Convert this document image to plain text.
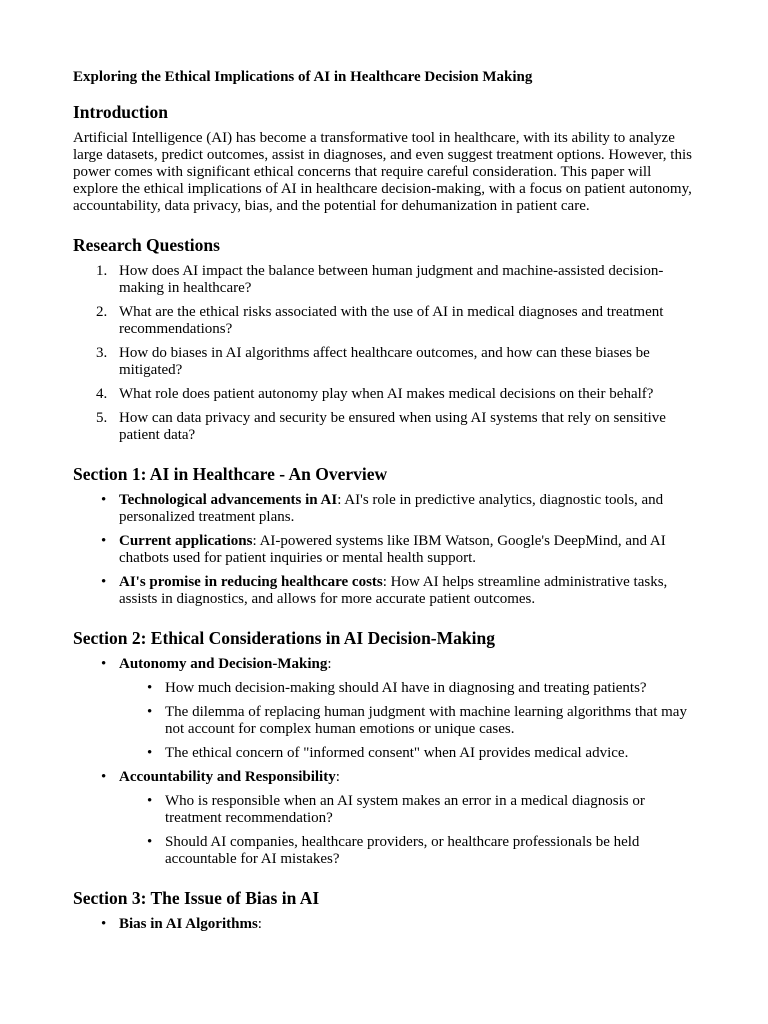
Exploring the Ethical Implications of AI in Healthcare Decision Making
Introduction

Artificial Intelligence (AI) has become a transformative tool in healthcare, with its ability to analyze large datasets, predict outcomes, assist in diagnoses, and even suggest treatment options. However, this power comes with significant ethical concerns that require careful consideration. This paper will explore the ethical implications of AI in healthcare decision-making, with a focus on patient autonomy, accountability, data privacy, bias, and the potential for dehumanization in patient care.

Research Questions
1. How does AI impact the balance between human judgment and machine-assisted decision-making in healthcare?
2. What are the ethical risks associated with the use of AI in medical diagnoses and treatment recommendations?
3. How do biases in AI algorithms affect healthcare outcomes, and how can these biases be mitigated?
4. What role does patient autonomy play when AI makes medical decisions on their behalf?
5. How can data privacy and security be ensured when using AI systems that rely on sensitive patient data?
Section 1: AI in Healthcare - An Overview
• Technological advancements in AI: AI's role in predictive analytics, diagnostic tools, and personalized treatment plans.
• Current applications: AI-powered systems like IBM Watson, Google's DeepMind, and AI chatbots used for patient inquiries or mental health support.
• AI's promise in reducing healthcare costs: How AI helps streamline administrative tasks, assists in diagnostics, and allows for more accurate patient outcomes.
Section 2: Ethical Considerations in AI Decision-Making
• Autonomy and Decision-Making:
• How much decision-making should AI have in diagnosing and treating patients?
• The dilemma of replacing human judgment with machine learning algorithms that may not account for complex human emotions or unique cases.
• The ethical concern of "informed consent" when AI provides medical advice.
• Accountability and Responsibility:
• Who is responsible when an AI system makes an error in a medical diagnosis or treatment recommendation?
• Should AI companies, healthcare providers, or healthcare professionals be held accountable for AI mistakes?
Section 3: The Issue of Bias in AI
• Bias in AI Algorithms:
